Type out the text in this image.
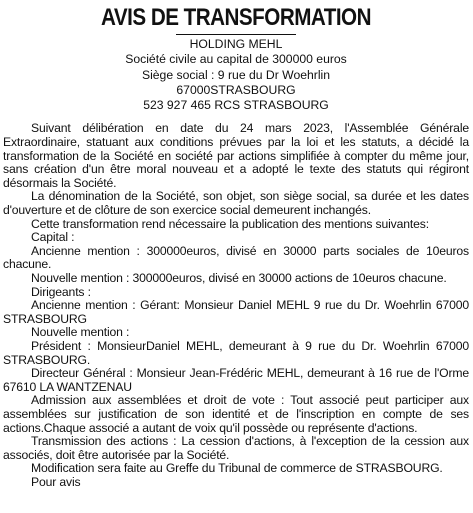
AVIS DE TRANSFORMATION
HOLDING MEHL
Société civile au capital de 300000 euros
Siège social : 9 rue du Dr Woehrlin
67000STRASBOURG
523 927 465 RCS STRASBOURG

Suivant délibération en date du 24 mars 2023, l'Assemblée Générale Extraordinaire, statuant aux conditions prévues par la loi et les statuts, a décidé la transformation de la Société en société par actions simplifiée à compter du même jour, sans création d'un être moral nouveau et a adopté le texte des statuts qui régiront désormais la Société.

La dénomination de la Société, son objet, son siège social, sa durée et les dates d'ouverture et de clôture de son exercice social demeurent inchangés.

Cette transformation rend nécessaire la publication des mentions suivantes:

Capital :

Ancienne mention : 300000euros, divisé en 30000 parts sociales de 10euros chacune.

Nouvelle mention : 300000euros, divisé en 30000 actions de 10euros chacune.

Dirigeants :

Ancienne mention : Gérant: Monsieur Daniel MEHL 9 rue du Dr. Woehrlin 67000 STRASBOURG

Nouvelle mention :

Président : MonsieurDaniel MEHL, demeurant à 9 rue du Dr. Woehrlin 67000 STRASBOURG.

Directeur Général : Monsieur Jean-Frédéric MEHL, demeurant à 16 rue de l'Orme 67610 LA WANTZENAU

Admission aux assemblées et droit de vote : Tout associé peut participer aux assemblées sur justification de son identité et de l'inscription en compte de ses actions.Chaque associé a autant de voix qu'il possède ou représente d'actions.

Transmission des actions : La cession d'actions, à l'exception de la cession aux associés, doit être autorisée par la Société.

Modification sera faite au Greffe du Tribunal de commerce de STRASBOURG.

Pour avis
